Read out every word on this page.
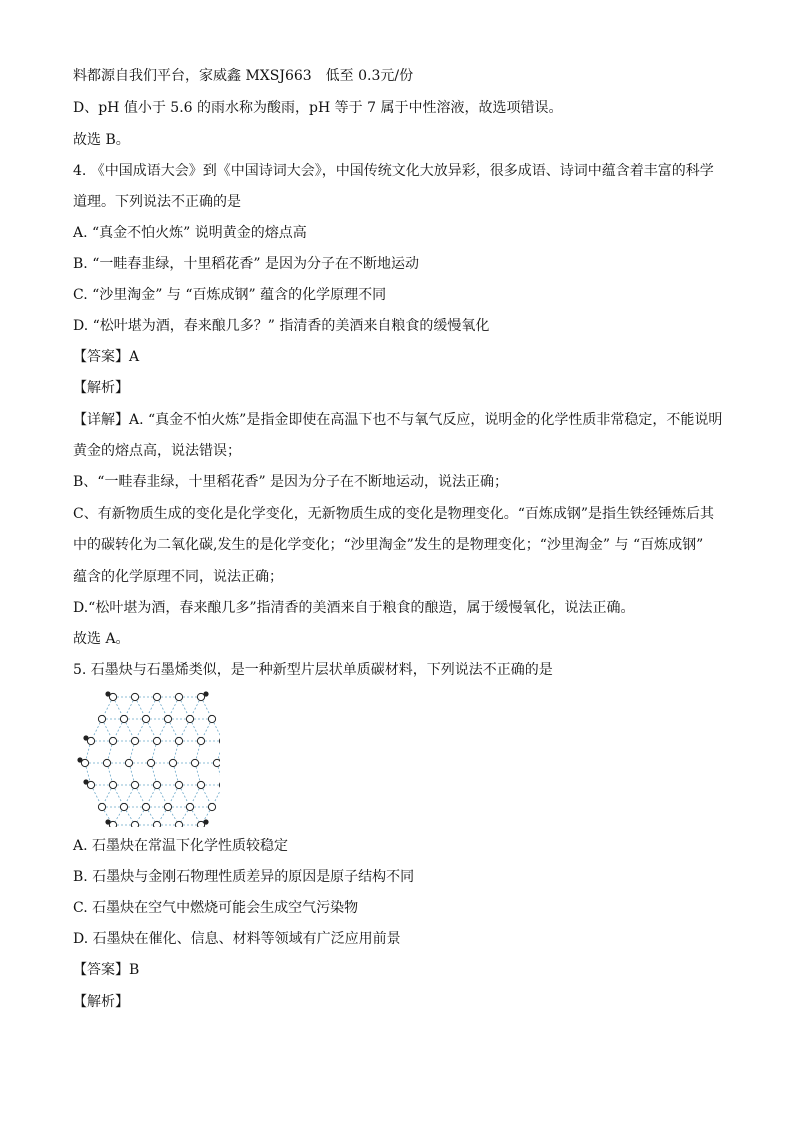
料都源自我们平台，家威鑫 MXSJ663　低至 0.3元/份
D、pH 值小于 5.6 的雨水称为酸雨，pH 等于 7 属于中性溶液，故选项错误。
故选 B。
4. 《中国成语大会》到《中国诗词大会》，中国传统文化大放异彩，很多成语、诗词中蕴含着丰富的科学
道理。下列说法不正确的是
A. “真金不怕火炼” 说明黄金的熔点高
B. “一畦春韭绿，十里稻花香” 是因为分子在不断地运动
C. “沙里淘金” 与 “百炼成钢” 蕴含的化学原理不同
D. “松叶堪为酒，春来酿几多？” 指清香的美酒来自粮食的缓慢氧化
【答案】A
【解析】
【详解】A. “真金不怕火炼”是指金即使在高温下也不与氧气反应，说明金的化学性质非常稳定，不能说明
黄金的熔点高，说法错误；
B、“一畦春韭绿，十里稻花香” 是因为分子在不断地运动，说法正确；
C、有新物质生成的变化是化学变化，无新物质生成的变化是物理变化。“百炼成钢”是指生铁经锤炼后其
中的碳转化为二氧化碳,发生的是化学变化；“沙里淘金”发生的是物理变化；“沙里淘金” 与 “百炼成钢”
蕴含的化学原理不同，说法正确；
D.“松叶堪为酒，春来酿几多”指清香的美酒来自于粮食的酿造，属于缓慢氧化，说法正确。
故选 A。
5. 石墨炔与石墨烯类似，是一种新型片层状单质碳材料，下列说法不正确的是
A. 石墨炔在常温下化学性质较稳定
B. 石墨炔与金刚石物理性质差异的原因是原子结构不同
C. 石墨炔在空气中燃烧可能会生成空气污染物
D. 石墨炔在催化、信息、材料等领域有广泛应用前景
【答案】B
【解析】
